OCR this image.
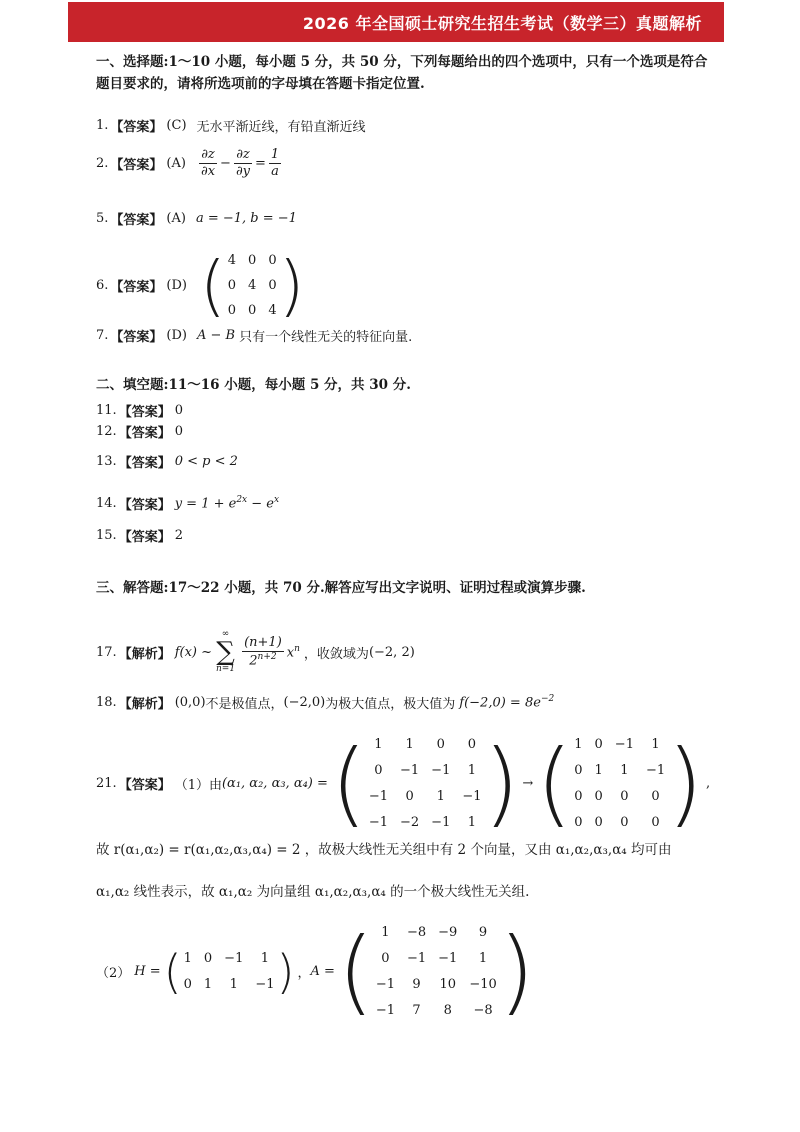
2026 年全国硕士研究生招生考试（数学三）真题解析
一、选择题:1～10 小题，每小题 5 分，共 50 分，下列每题给出的四个选项中，只有一个选项是符合题目要求的，请将所选项前的字母填在答题卡指定位置.
1. 【答案】 (C) 无水平渐近线，有铅直渐近线
2. 【答案】 $(A) \frac{\partial z}{\partial x} - \frac{\partial z}{\partial y} = \frac{1}{a}$
5. 【答案】 (A) a = −1, b = −1
6. 【答案】 (D) ( 4 0 0
0 4 0
0 0 4 )
7. 【答案】 (D) A − B 只有一个线性无关的特征向量.
二、填空题:11～16 小题，每小题 5 分，共 30 分.
11. 【答案】 0
12. 【答案】 0
13. 【答案】 0 < p < 2
14. 【答案】 $y = 1 + e^{2x} - e^x$
15. 【答案】 2
三、解答题:17～22 小题，共 70 分.解答应写出文字说明、证明过程或演算步骤.
17. 【解析】 f(x) ~
∞
∑
$n=1 \frac{(n+1)}{2^{n+2}} x^n$ ，收敛域为 (−2, 2)
18. 【解析】 (0,0) 不是极值点， (−2,0) 为极大值点，极大值为 $f(-2,0) = 8e^{-2}$
21. 【答案】 （1）由 (α₁, α₂, α₃, α₄) = ( 1 1 0 0
0 −1 −1 1
−1 0 1 −1
−1 −2 −1 1 ) → ( 1 0 −1 1
0 1 1 −1
0 0 0 0
0 0 0 0 ) ,
故 r(α₁,α₂) = r(α₁,α₂,α₃,α₄) = 2 ，故极大线性无关组中有 2 个向量，又由 α₁,α₂,α₃,α₄ 均可由
α₁,α₂ 线性表示，故 α₁,α₂ 为向量组 α₁,α₂,α₃,α₄ 的一个极大线性无关组.
（2） H = ( 1 0 −1 1
0 1 1 −1 ) ， A = ( 1 −8 −9 9
0 −1 −1 1
−1 9 10 −10
−1 7 8 −8 )
